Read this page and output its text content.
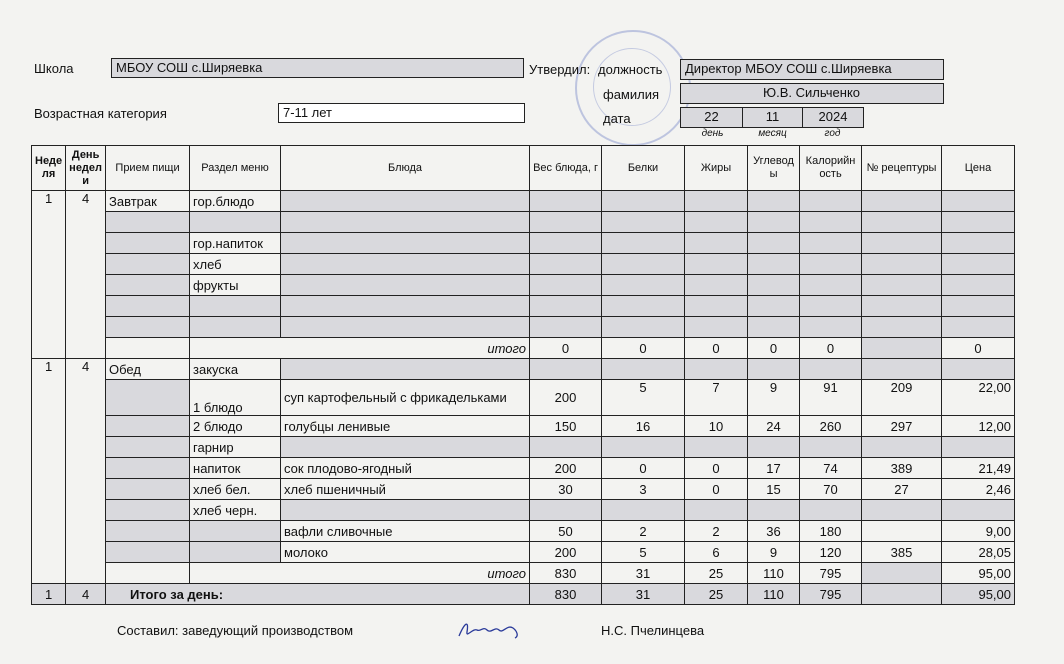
Школа	МБОУ СОШ с.Ширяевка
Возрастная категория	7-11 лет
Утвердил: должность	Директор МБОУ СОШ с.Ширяевка
фамилия	Ю.В. Сильченко
дата	22	11	2024
день	месяц	год
Неде ля	День недел и	Прием пищи	Раздел меню	Блюда	Вес блюда, г	Белки	Жиры	Углевод ы	Калорийн ость	№ рецептуры	Цена
1	4	Завтрак	гор.блюдо								

			гор.напиток								
			хлеб								
			фрукты								

			итого		0	0	0	0	0		0
1	4	Обед	закуска								
			1 блюдо	суп картофельный с фрикадельками	200	5	7	9	91	209	22,00
			2 блюдо	голубцы ленивые	150	16	10	24	260	297	12,00
			гарнир								
			напиток	сок плодово-ягодный	200	0	0	17	74	389	21,49
			хлеб бел.	хлеб пшеничный	30	3	0	15	70	27	2,46
			хлеб черн.								
				вафли сливочные	50	2	2	36	180		9,00
				молоко	200	5	6	9	120	385	28,05
			итого		830	31	25	110	795		95,00
1	4	Итого за день:			830	31	25	110	795		95,00
Составил: заведующий производством	Н.С. Пчелинцева
